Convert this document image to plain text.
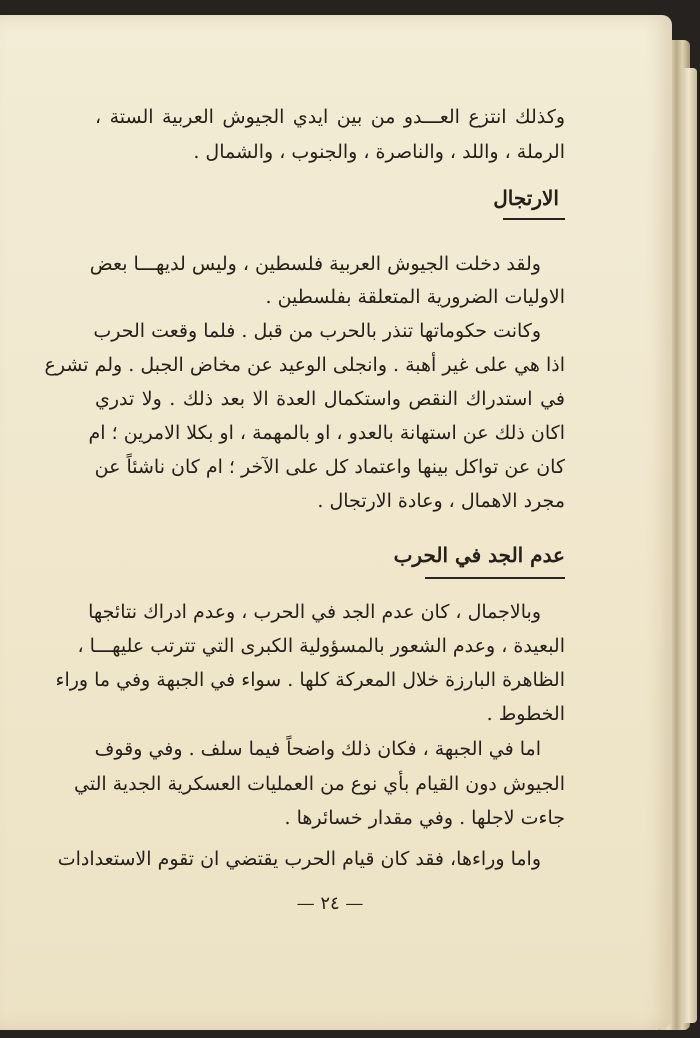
وكذلك انتزع العـــدو من بين ايدي الجيوش العربية الستة ،
الرملة ، واللد ، والناصرة ، والجنوب ، والشمال .
الارتجال
ولقد دخلت الجيوش العربية فلسطين ، وليس لديهـــا بعض
الاوليات الضرورية المتعلقة بفلسطين .
وكانت حكوماتها تنذر بالحرب من قبل . فلما وقعت الحرب
اذا هي على غير أهبة . وانجلى الوعيد عن مخاض الجبل . ولم تشرع
في استدراك النقص واستكمال العدة الا بعد ذلك . ولا تدري
اكان ذلك عن استهانة بالعدو ، او بالمهمة ، او بكلا الامرين ؛ ام
كان عن تواكل بينها واعتماد كل على الآخر ؛ ام كان ناشئاً عن
مجرد الاهمال ، وعادة الارتجال .
عدم الجد في الحرب
وبالاجمال ، كان عدم الجد في الحرب ، وعدم ادراك نتائجها
البعيدة ، وعدم الشعور بالمسؤولية الكبرى التي تترتب عليهـــا ،
الظاهرة البارزة خلال المعركة كلها . سواء في الجبهة وفي ما وراء
الخطوط .
اما في الجبهة ، فكان ذلك واضحاً فيما سلف . وفي وقوف
الجيوش دون القيام بأي نوع من العمليات العسكرية الجدية التي
جاءت لاجلها . وفي مقدار خسائرها .
واما وراءها، فقد كان قيام الحرب يقتضي ان تقوم الاستعدادات
— ٢٤ —
